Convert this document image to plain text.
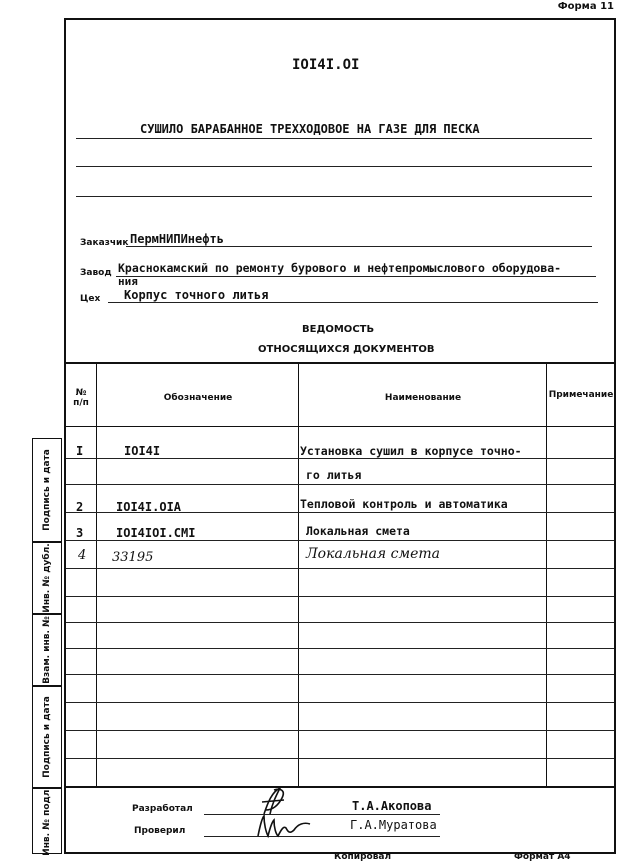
Форма 11
IOI4I.OI
СУШИЛО БАРАБАННОЕ ТРЕХХОДОВОЕ НА ГАЗЕ ДЛЯ ПЕСКА
Заказчик ПермНИПИнефть
Завод Краснокамский по ремонту бурового и нефтепромыслового оборудова-
ния
Цех Корпус точного литья
ВЕДОМОСТЬ
ОТНОСЯЩИХСЯ ДОКУМЕНТОВ
№
п/п	Обозначение	Наименование	Примечание
I	IOI4I	Установка сушил в корпусе точно-
го литья
2	IOI4I.OIA	Тепловой контроль и автоматика
3	IOI4IOI.СМI	Локальная смета
4 33195	Локальная смета
Подпись и дата
Инв. № дубл.
Взам. инв. №
Подпись и дата
Инв. № подл.	Разработал	Т.А.Акопова
Проверил	Г.А.Муратова
Копировал	Формат А4
